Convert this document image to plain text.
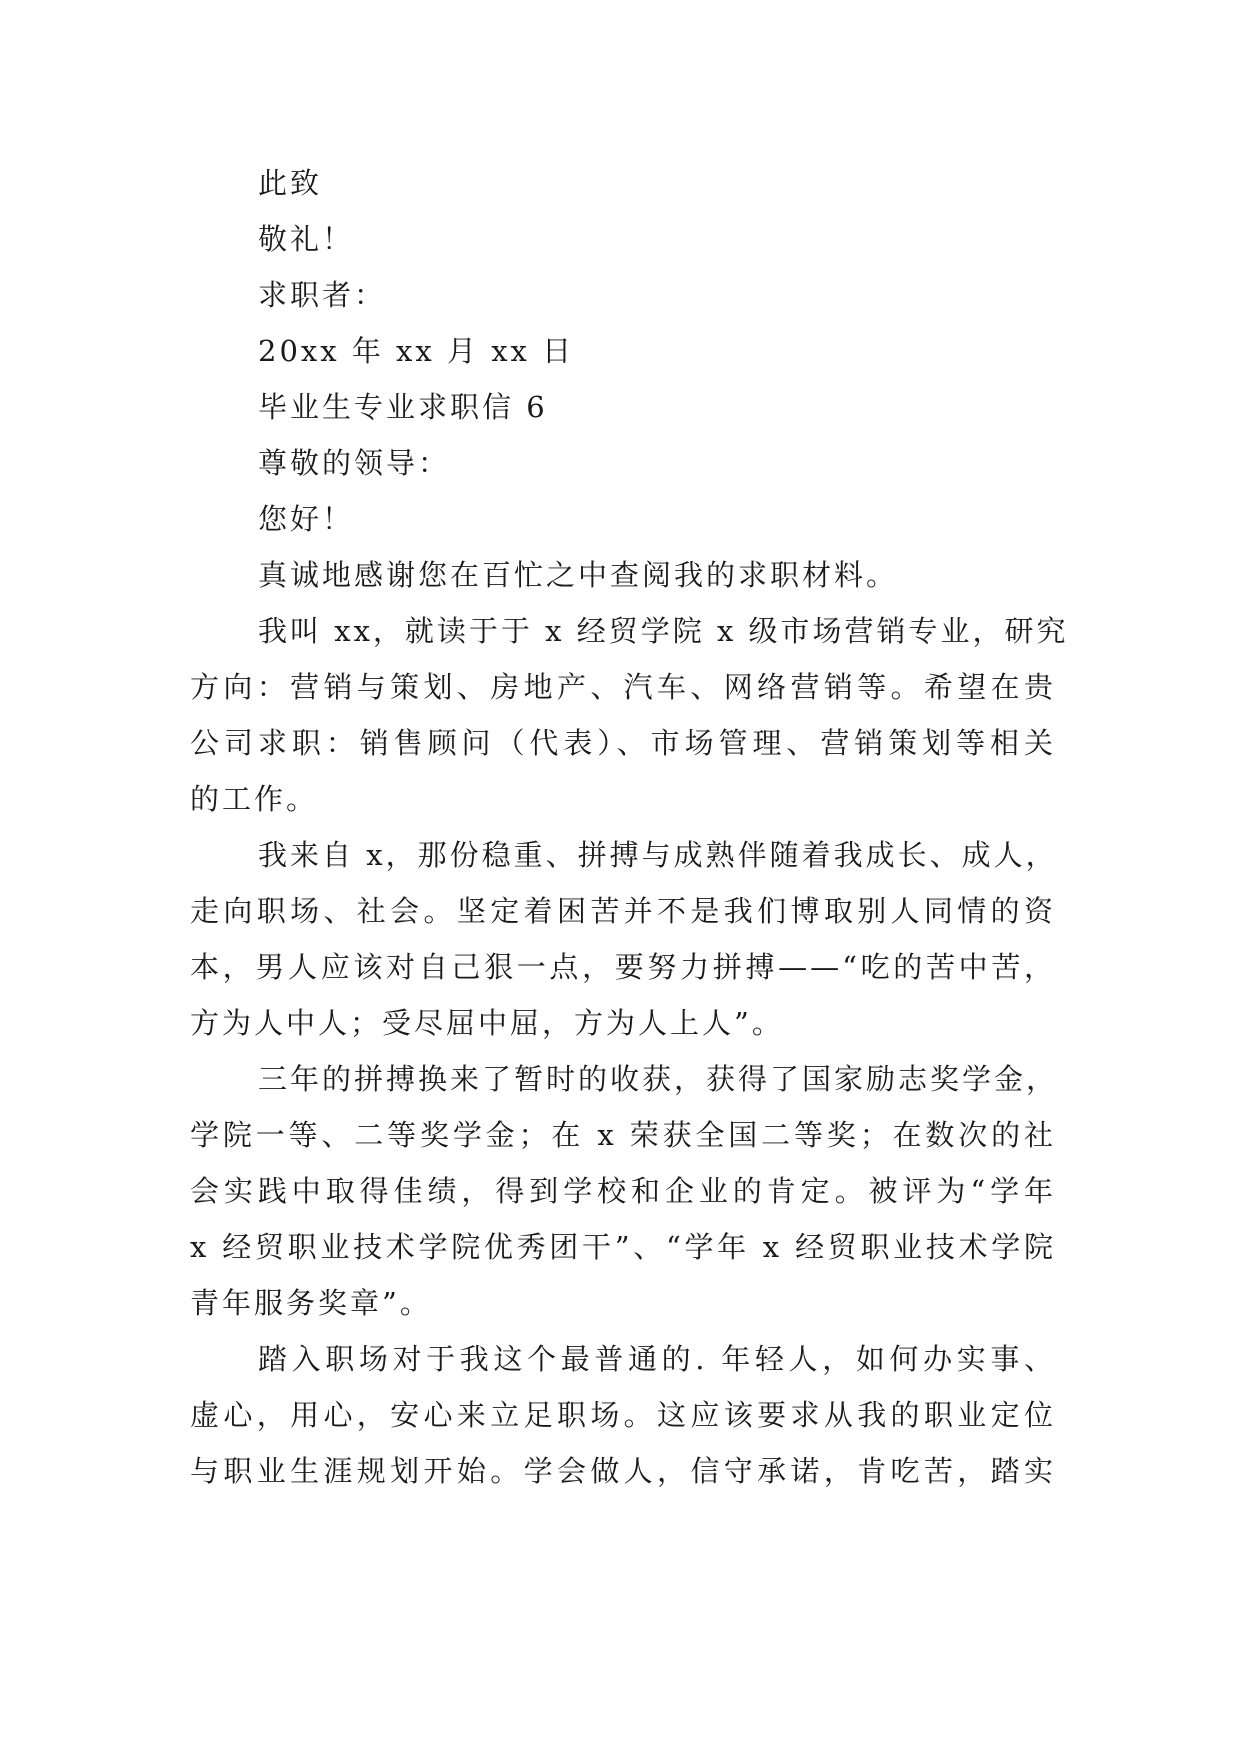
此致
敬礼！
求职者：
20xx 年 xx 月 xx 日
毕业生专业求职信 6
尊敬的领导：
您好！
真诚地感谢您在百忙之中查阅我的求职材料。
我叫 xx，就读于于 x 经贸学院 x 级市场营销专业，研究
方向：营销与策划、房地产、汽车、网络营销等。希望在贵
公司求职：销售顾问（代表）、市场管理、营销策划等相关
的工作。
我来自 x，那份稳重、拼搏与成熟伴随着我成长、成人，
走向职场、社会。坚定着困苦并不是我们博取别人同情的资
本，男人应该对自己狠一点，要努力拼搏——“吃的苦中苦，
方为人中人；受尽屈中屈，方为人上人”。
三年的拼搏换来了暂时的收获，获得了国家励志奖学金，
学院一等、二等奖学金；在 x 荣获全国二等奖；在数次的社
会实践中取得佳绩，得到学校和企业的肯定。被评为“学年
x 经贸职业技术学院优秀团干”、“学年 x 经贸职业技术学院
青年服务奖章”。
踏入职场对于我这个最普通的. 年轻人，如何办实事、
虚心，用心，安心来立足职场。这应该要求从我的职业定位
与职业生涯规划开始。学会做人，信守承诺，肯吃苦，踏实
